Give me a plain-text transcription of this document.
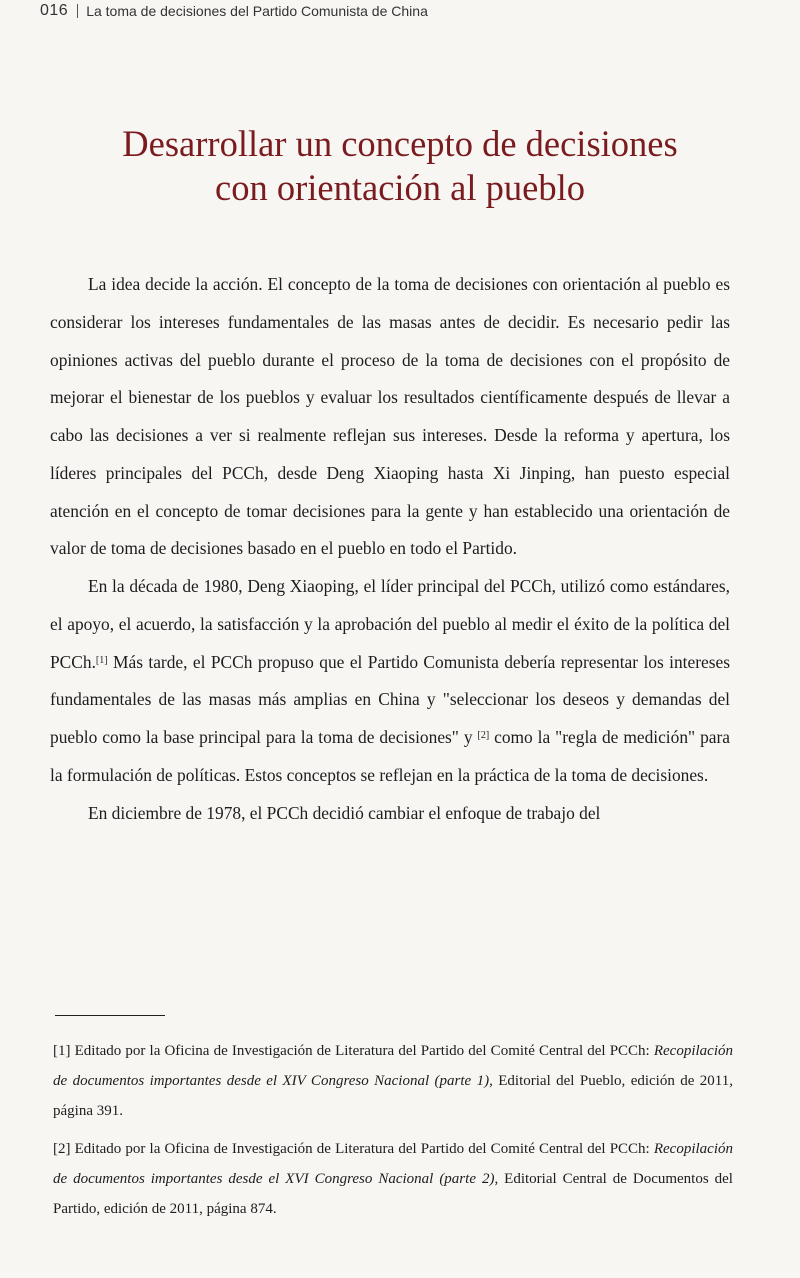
016	La toma de decisiones del Partido Comunista de China
Desarrollar un concepto de decisiones
con orientación al pueblo

La idea decide la acción. El concepto de la toma de decisiones con orientación al pueblo es considerar los intereses fundamentales de las masas antes de decidir. Es necesario pedir las opiniones activas del pueblo durante el proceso de la toma de decisiones con el propósito de mejorar el bienestar de los pueblos y evaluar los resultados científicamente después de llevar a cabo las decisiones a ver si realmente reflejan sus intereses. Desde la reforma y apertura, los líderes principales del PCCh, desde Deng Xiaoping hasta Xi Jinping, han puesto especial atención en el concepto de tomar decisiones para la gente y han establecido una orientación de valor de toma de decisiones basado en el pueblo en todo el Partido.

En la década de 1980, Deng Xiaoping, el líder principal del PCCh, utilizó como estándares, el apoyo, el acuerdo, la satisfacción y la aprobación del pueblo al medir el éxito de la política del PCCh.[1] Más tarde, el PCCh propuso que el Partido Comunista debería representar los intereses fundamentales de las masas más amplias en China y "seleccionar los deseos y demandas del pueblo como la base principal para la toma de decisiones" y [2] como la "regla de medición" para la formulación de políticas. Estos conceptos se reflejan en la práctica de la toma de decisiones.

En diciembre de 1978, el PCCh decidió cambiar el enfoque de trabajo del

[1] Editado por la Oficina de Investigación de Literatura del Partido del Comité Central del PCCh: Recopilación de documentos importantes desde el XIV Congreso Nacional (parte 1), Editorial del Pueblo, edición de 2011, página 391.
[2] Editado por la Oficina de Investigación de Literatura del Partido del Comité Central del PCCh: Recopilación de documentos importantes desde el XVI Congreso Nacional (parte 2), Editorial Central de Documentos del Partido, edición de 2011, página 874.
